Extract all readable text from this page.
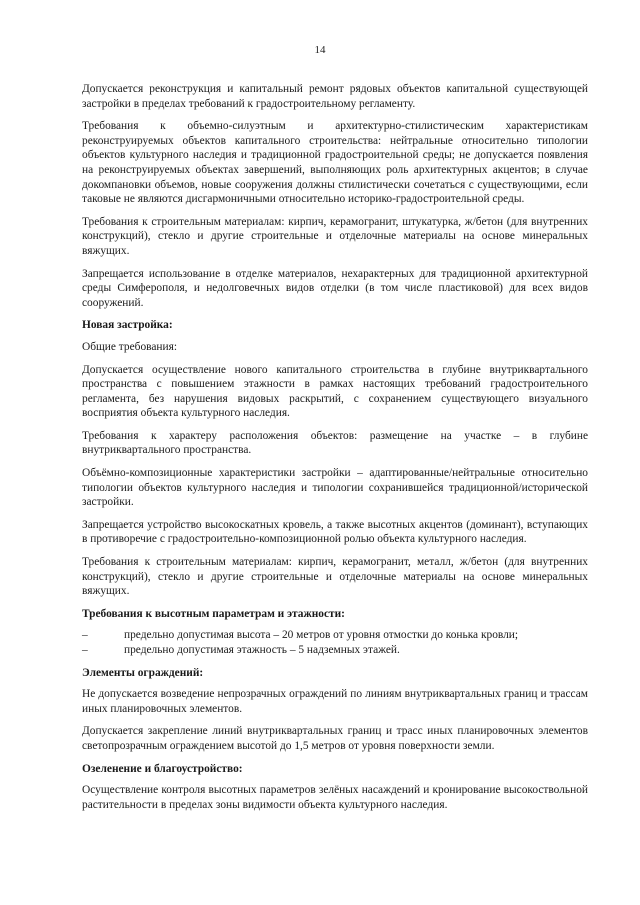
14

Допускается реконструкция и капитальный ремонт рядовых объектов капитальной существующей застройки в пределах требований к градостроительному регламенту.

Требования к объемно-силуэтным и архитектурно-стилистическим характеристикам реконструируемых объектов капитального строительства: нейтральные относительно типологии объектов культурного наследия и традиционной градостроительной среды; не допускается появления на реконструируемых объектах завершений, выполняющих роль архитектурных акцентов; в случае докомпановки объемов, новые сооружения должны стилистически сочетаться с существующими, если таковые не являются дисгармоничными относительно историко-градостроительной среды.

Требования к строительным материалам: кирпич, керамогранит, штукатурка, ж/бетон (для внутренних конструкций), стекло и другие строительные и отделочные материалы на основе минеральных вяжущих.

Запрещается использование в отделке материалов, нехарактерных для традиционной архитектурной среды Симферополя, и недолговечных видов отделки (в том числе пластиковой) для всех видов сооружений.

Новая застройка:

Общие требования:

Допускается осуществление нового капитального строительства в глубине внутриквартального пространства с повышением этажности в рамках настоящих требований градостроительного регламента, без нарушения видовых раскрытий, с сохранением существующего визуального восприятия объекта культурного наследия.

Требования к характеру расположения объектов: размещение на участке – в глубине внутриквартального пространства.

Объёмно-композиционные характеристики застройки – адаптированные/нейтральные относительно типологии объектов культурного наследия и типологии сохранившейся традиционной/исторической застройки.

Запрещается устройство высокоскатных кровель, а также высотных акцентов (доминант), вступающих в противоречие с градостроительно-композиционной ролью объекта культурного наследия.

Требования к строительным материалам: кирпич, керамогранит, металл, ж/бетон (для внутренних конструкций), стекло и другие строительные и отделочные материалы на основе минеральных вяжущих.

Требования к высотным параметрам и этажности:

–	предельно допустимая высота – 20 метров от уровня отмостки до конька кровли;
–	предельно допустимая этажность – 5 надземных этажей.

Элементы ограждений:

Не допускается возведение непрозрачных ограждений по линиям внутриквартальных границ и трассам иных планировочных элементов.

Допускается закрепление линий внутриквартальных границ и трасс иных планировочных элементов светопрозрачным ограждением высотой до 1,5 метров от уровня поверхности земли.

Озеленение и благоустройство:

Осуществление контроля высотных параметров зелёных насаждений и кронирование высокоствольной растительности в пределах зоны видимости объекта культурного наследия.
